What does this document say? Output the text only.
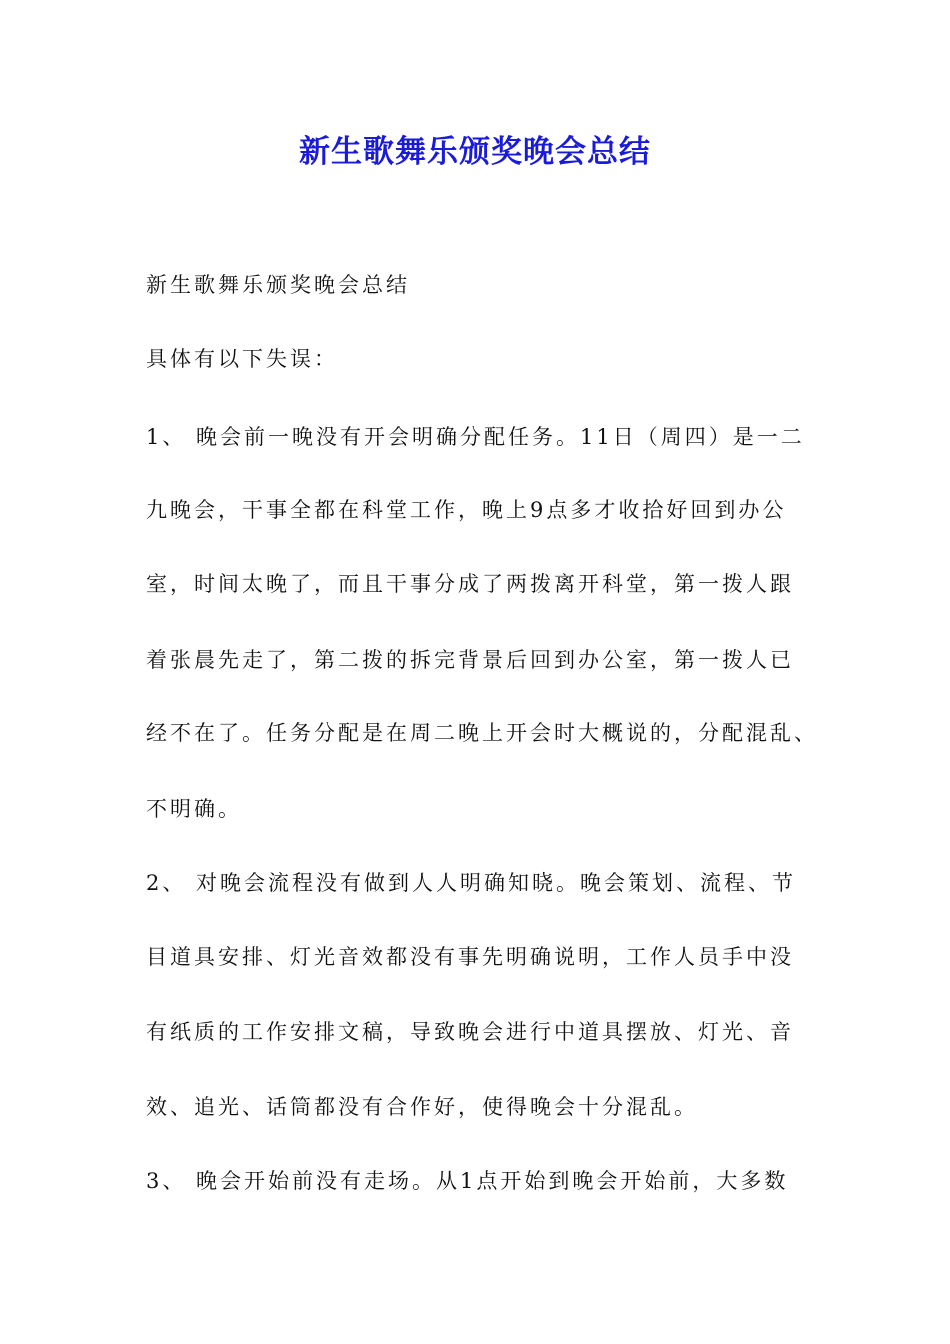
新生歌舞乐颁奖晚会总结
新生歌舞乐颁奖晚会总结
具体有以下失误：
1、 晚会前一晚没有开会明确分配任务。11日（周四）是一二
九晚会，干事全都在科堂工作，晚上9点多才收拾好回到办公
室，时间太晚了，而且干事分成了两拨离开科堂，第一拨人跟
着张晨先走了，第二拨的拆完背景后回到办公室，第一拨人已
经不在了。任务分配是在周二晚上开会时大概说的，分配混乱、
不明确。
2、 对晚会流程没有做到人人明确知晓。晚会策划、流程、节
目道具安排、灯光音效都没有事先明确说明，工作人员手中没
有纸质的工作安排文稿，导致晚会进行中道具摆放、灯光、音
效、追光、话筒都没有合作好，使得晚会十分混乱。
3、 晚会开始前没有走场。从1点开始到晚会开始前，大多数
